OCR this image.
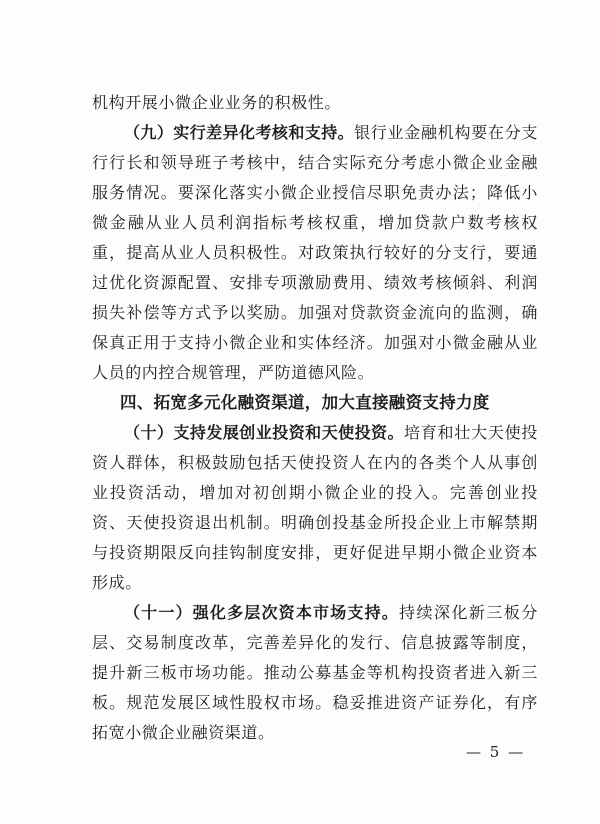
机构开展小微企业业务的积极性。

（九）实行差异化考核和支持。银行业金融机构要在分支行行长和领导班子考核中，结合实际充分考虑小微企业金融服务情况。要深化落实小微企业授信尽职免责办法；降低小微金融从业人员利润指标考核权重，增加贷款户数考核权重，提高从业人员积极性。对政策执行较好的分支行，要通过优化资源配置、安排专项激励费用、绩效考核倾斜、利润损失补偿等方式予以奖励。加强对贷款资金流向的监测，确保真正用于支持小微企业和实体经济。加强对小微金融从业人员的内控合规管理，严防道德风险。

四、拓宽多元化融资渠道，加大直接融资支持力度

（十）支持发展创业投资和天使投资。培育和壮大天使投资人群体，积极鼓励包括天使投资人在内的各类个人从事创业投资活动，增加对初创期小微企业的投入。完善创业投资、天使投资退出机制。明确创投基金所投企业上市解禁期与投资期限反向挂钩制度安排，更好促进早期小微企业资本形成。

（十一）强化多层次资本市场支持。持续深化新三板分层、交易制度改革，完善差异化的发行、信息披露等制度，提升新三板市场功能。推动公募基金等机构投资者进入新三板。规范发展区域性股权市场。稳妥推进资产证券化，有序拓宽小微企业融资渠道。

— 5 —
